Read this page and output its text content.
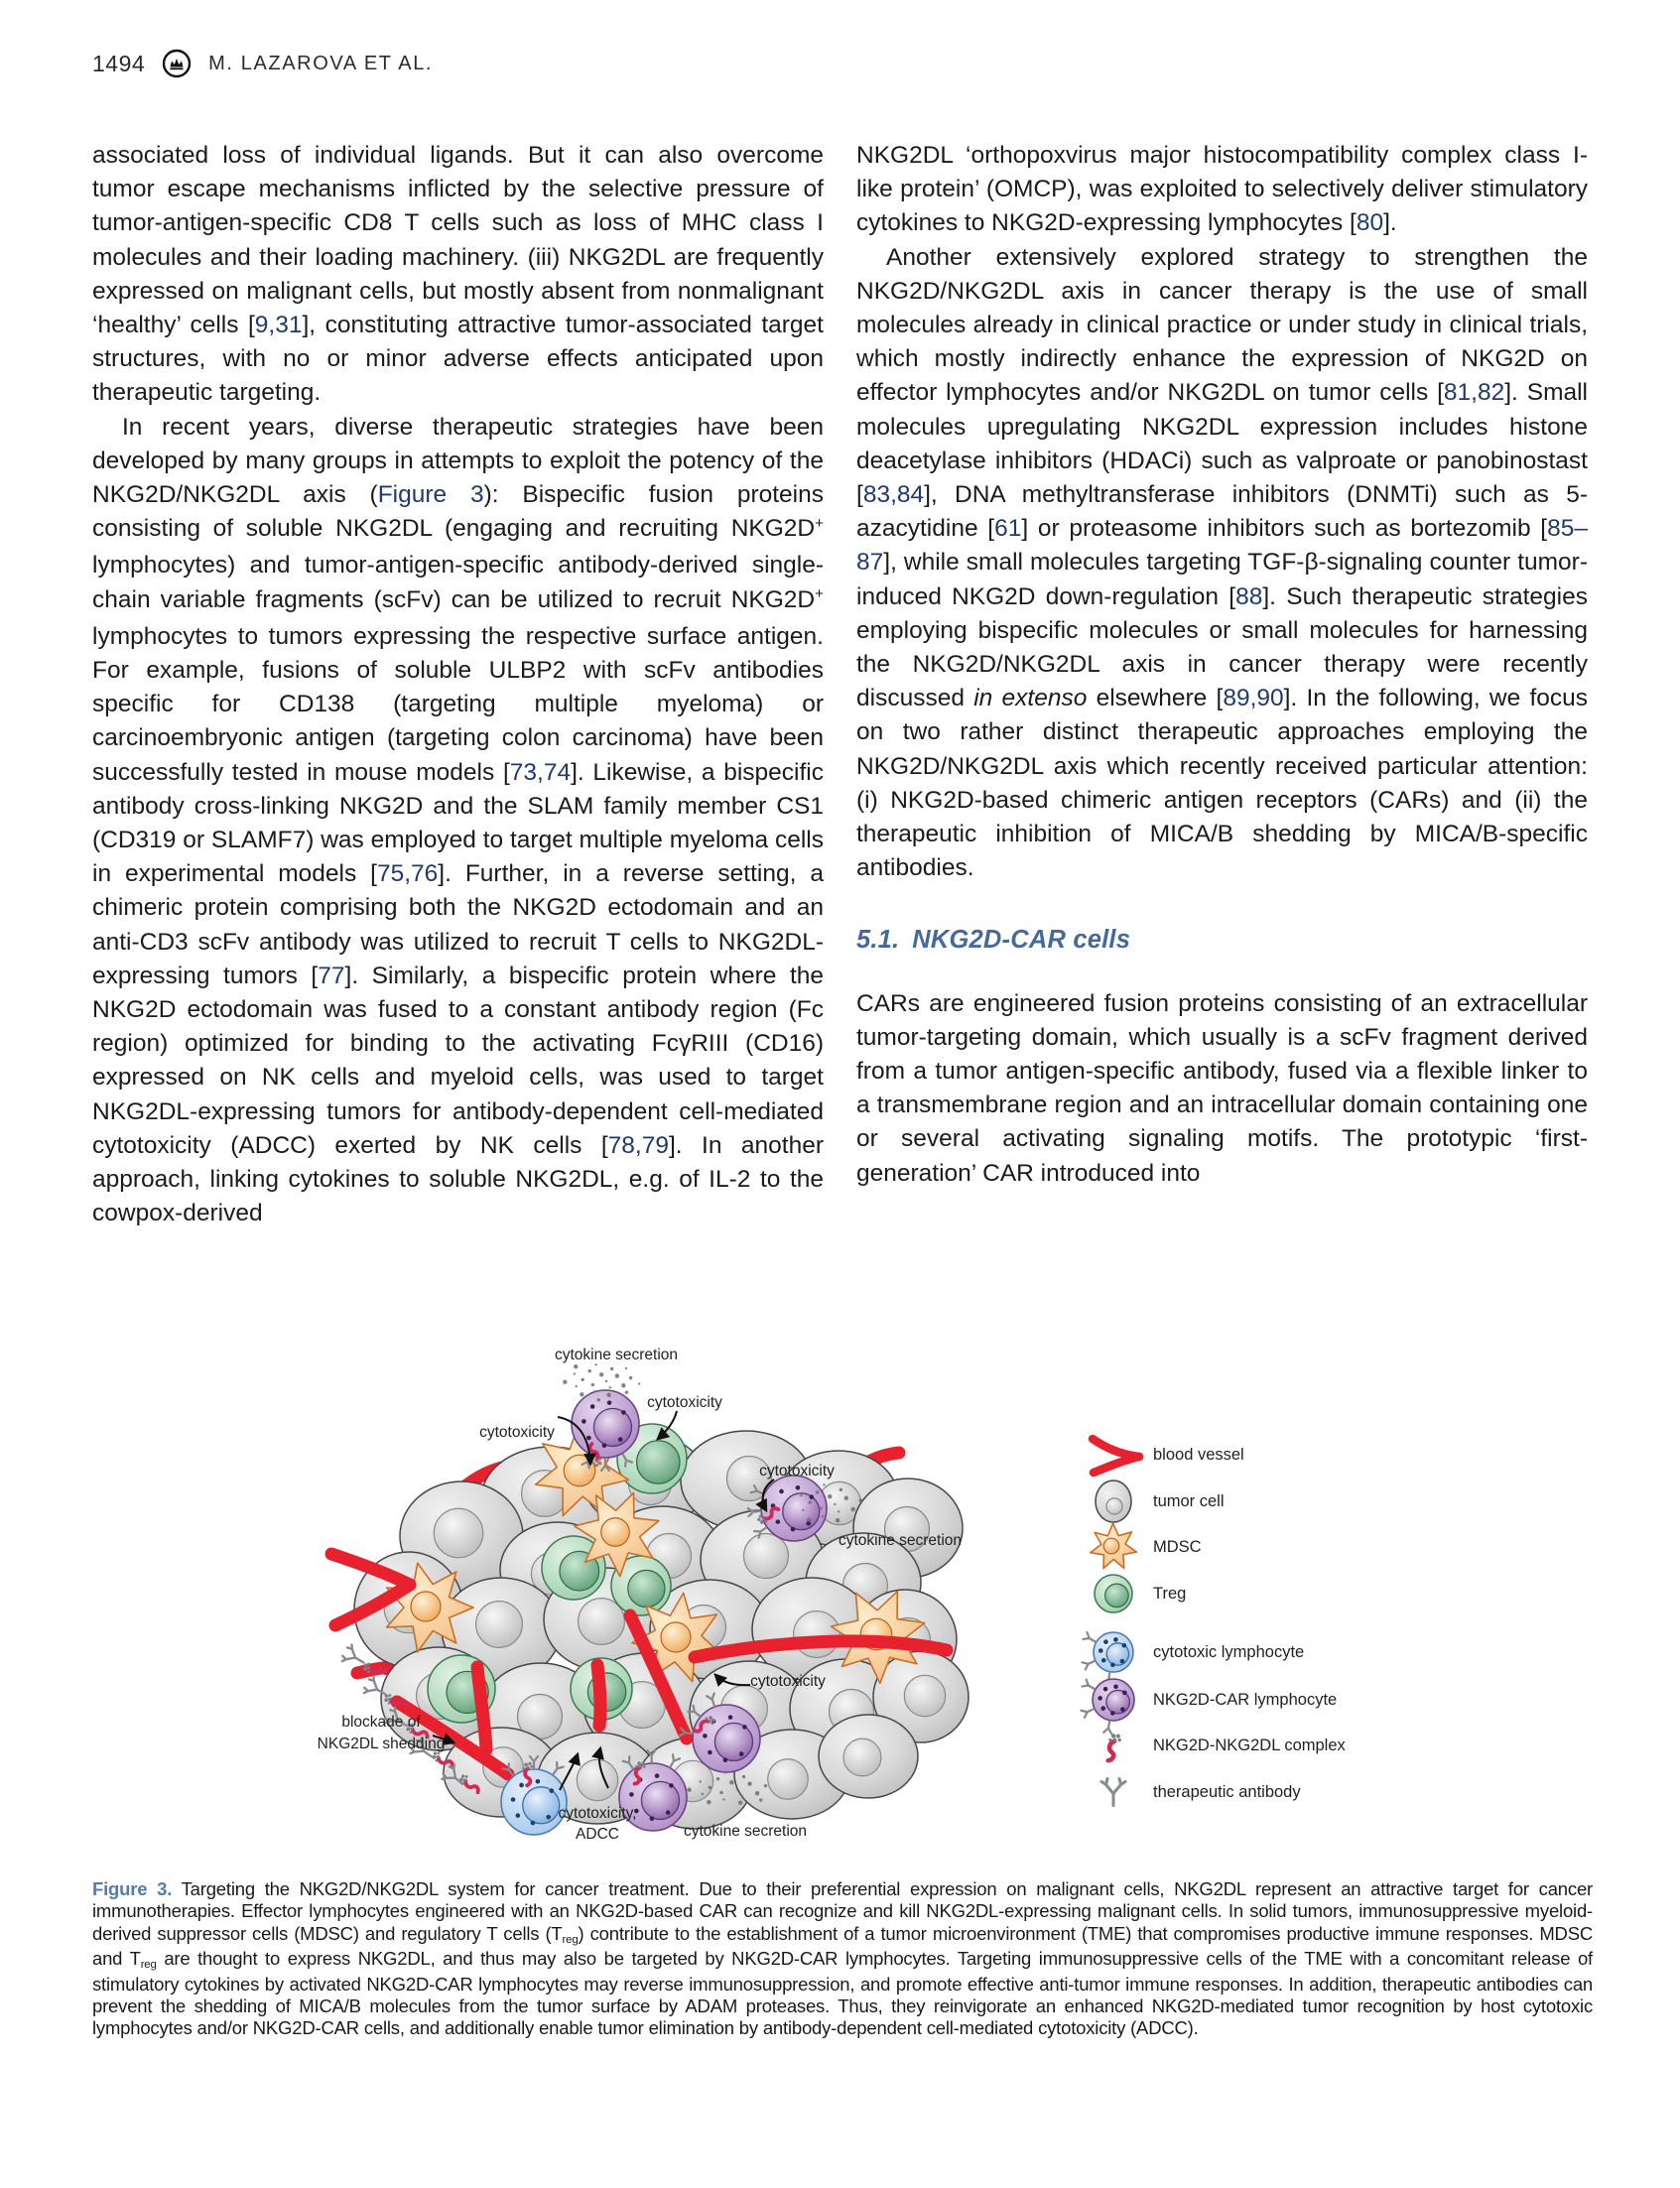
1494	M. LAZAROVA ET AL.

associated loss of individual ligands. But it can also overcome tumor escape mechanisms inflicted by the selective pressure of tumor-antigen-specific CD8 T cells such as loss of MHC class I molecules and their loading machinery. (iii) NKG2DL are frequently expressed on malignant cells, but mostly absent from nonmalignant ‘healthy’ cells [9,31], constituting attractive tumor-associated target structures, with no or minor adverse effects anticipated upon therapeutic targeting.

In recent years, diverse therapeutic strategies have been developed by many groups in attempts to exploit the potency of the NKG2D/NKG2DL axis (Figure 3): Bispecific fusion proteins consisting of soluble NKG2DL (engaging and recruiting NKG2D+ lymphocytes) and tumor-antigen-specific antibody-derived single-chain variable fragments (scFv) can be utilized to recruit NKG2D+ lymphocytes to tumors expressing the respective surface antigen. For example, fusions of soluble ULBP2 with scFv antibodies specific for CD138 (targeting multiple myeloma) or carcinoembryonic antigen (targeting colon carcinoma) have been successfully tested in mouse models [73,74]. Likewise, a bispecific antibody cross-linking NKG2D and the SLAM family member CS1 (CD319 or SLAMF7) was employed to target multiple myeloma cells in experimental models [75,76]. Further, in a reverse setting, a chimeric protein comprising both the NKG2D ectodomain and an anti-CD3 scFv antibody was utilized to recruit T cells to NKG2DL-expressing tumors [77]. Similarly, a bispecific protein where the NKG2D ectodomain was fused to a constant antibody region (Fc region) optimized for binding to the activating FcγRIII (CD16) expressed on NK cells and myeloid cells, was used to target NKG2DL-expressing tumors for antibody-dependent cell-mediated cytotoxicity (ADCC) exerted by NK cells [78,79]. In another approach, linking cytokines to soluble NKG2DL, e.g. of IL-2 to the cowpox-derived

NKG2DL ‘orthopoxvirus major histocompatibility complex class I-like protein’ (OMCP), was exploited to selectively deliver stimulatory cytokines to NKG2D-expressing lymphocytes [80].

Another extensively explored strategy to strengthen the NKG2D/NKG2DL axis in cancer therapy is the use of small molecules already in clinical practice or under study in clinical trials, which mostly indirectly enhance the expression of NKG2D on effector lymphocytes and/or NKG2DL on tumor cells [81,82]. Small molecules upregulating NKG2DL expression includes histone deacetylase inhibitors (HDACi) such as valproate or panobinostast [83,84], DNA methyltransferase inhibitors (DNMTi) such as 5-azacytidine [61] or proteasome inhibitors such as bortezomib [85–87], while small molecules targeting TGF-β-signaling counter tumor-induced NKG2D down-regulation [88]. Such therapeutic strategies employing bispecific molecules or small molecules for harnessing the NKG2D/NKG2DL axis in cancer therapy were recently discussed in extenso elsewhere [89,90]. In the following, we focus on two rather distinct therapeutic approaches employing the NKG2D/NKG2DL axis which recently received particular attention: (i) NKG2D-based chimeric antigen receptors (CARs) and (ii) the therapeutic inhibition of MICA/B shedding by MICA/B-specific antibodies.

5.1. NKG2D-CAR cells

CARs are engineered fusion proteins consisting of an extracellular tumor-targeting domain, which usually is a scFv fragment derived from a tumor antigen-specific antibody, fused via a flexible linker to a transmembrane region and an intracellular domain containing one or several activating signaling motifs. The prototypic ‘first-generation’ CAR introduced into

cytokine secretion
cytotoxicity
cytotoxicity
cytotoxicity
cytokine secretion
cytotoxicity
blockade of
NKG2DL shedding
cytotoxicity,
ADCC	cytokine secretion
blood vessel
tumor cell
MDSC
Treg
cytotoxic lymphocyte
NKG2D-CAR lymphocyte
NKG2D-NKG2DL complex
therapeutic antibody

Figure 3. Targeting the NKG2D/NKG2DL system for cancer treatment. Due to their preferential expression on malignant cells, NKG2DL represent an attractive target for cancer immunotherapies. Effector lymphocytes engineered with an NKG2D-based CAR can recognize and kill NKG2DL-expressing malignant cells. In solid tumors, immunosuppressive myeloid-derived suppressor cells (MDSC) and regulatory T cells (Treg) contribute to the establishment of a tumor microenvironment (TME) that compromises productive immune responses. MDSC and Treg are thought to express NKG2DL, and thus may also be targeted by NKG2D-CAR lymphocytes. Targeting immunosuppressive cells of the TME with a concomitant release of stimulatory cytokines by activated NKG2D-CAR lymphocytes may reverse immunosuppression, and promote effective anti-tumor immune responses. In addition, therapeutic antibodies can prevent the shedding of MICA/B molecules from the tumor surface by ADAM proteases. Thus, they reinvigorate an enhanced NKG2D-mediated tumor recognition by host cytotoxic lymphocytes and/or NKG2D-CAR cells, and additionally enable tumor elimination by antibody-dependent cell-mediated cytotoxicity (ADCC).
